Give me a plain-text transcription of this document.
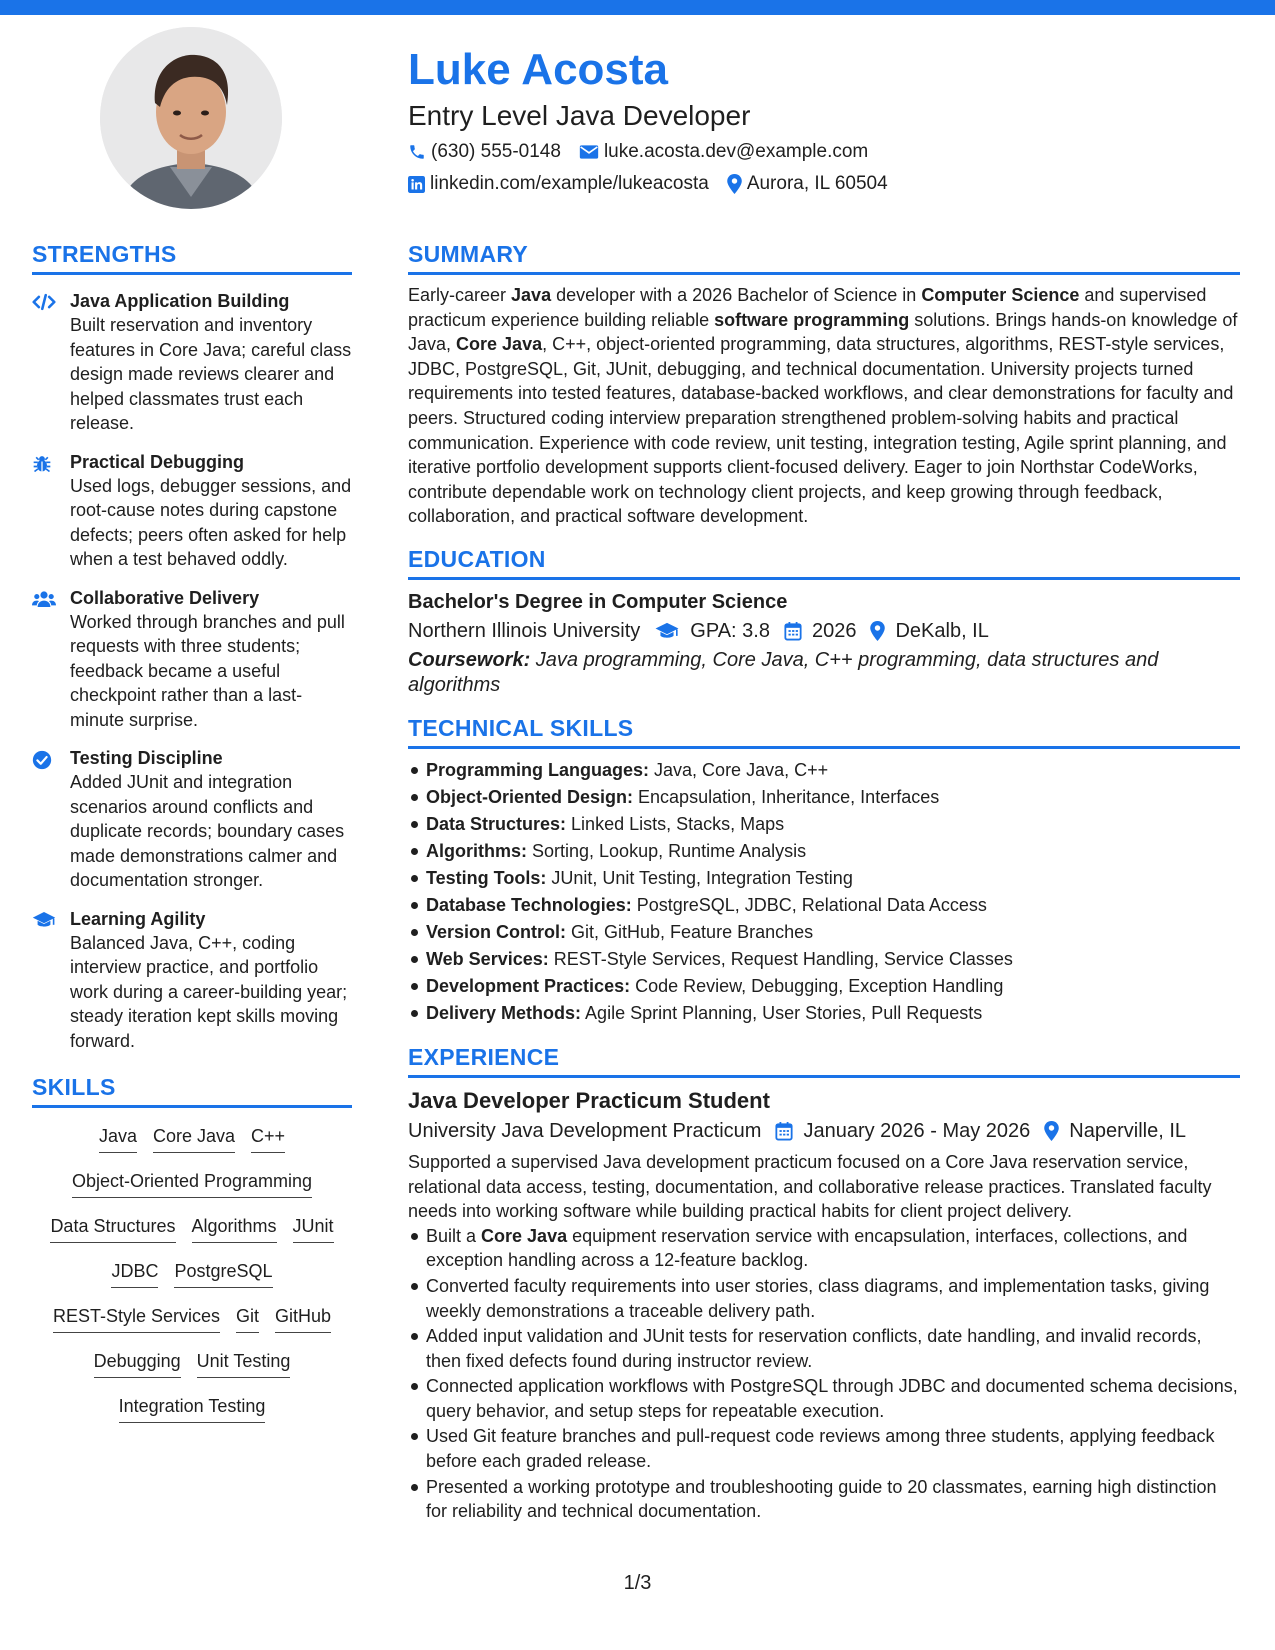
Luke Acosta
Entry Level Java Developer
(630) 555-0148 luke.acosta.dev@example.com
linkedin.com/example/lukeacosta Aurora, IL 60504
STRENGTHS
Java Application Building
Built reservation and inventory features in Core Java; careful class design made reviews clearer and helped classmates trust each release.
Practical Debugging
Used logs, debugger sessions, and root-cause notes during capstone defects; peers often asked for help when a test behaved oddly.
Collaborative Delivery
Worked through branches and pull requests with three students; feedback became a useful checkpoint rather than a last-minute surprise.
Testing Discipline
Added JUnit and integration scenarios around conflicts and duplicate records; boundary cases made demonstrations calmer and documentation stronger.
Learning Agility
Balanced Java, C++, coding interview practice, and portfolio work during a career-building year; steady iteration kept skills moving forward.
SKILLS
Java Core Java C++
Object-Oriented Programming
Data Structures Algorithms JUnit
JDBC PostgreSQL
REST-Style Services Git GitHub
Debugging Unit Testing
Integration Testing
SUMMARY
Early-career Java developer with a 2026 Bachelor of Science in Computer Science and supervised practicum experience building reliable software programming solutions. Brings hands-on knowledge of Java, Core Java, C++, object-oriented programming, data structures, algorithms, REST-style services, JDBC, PostgreSQL, Git, JUnit, debugging, and technical documentation. University projects turned requirements into tested features, database-backed workflows, and clear demonstrations for faculty and peers. Structured coding interview preparation strengthened problem-solving habits and practical communication. Experience with code review, unit testing, integration testing, Agile sprint planning, and iterative portfolio development supports client-focused delivery. Eager to join Northstar CodeWorks, contribute dependable work on technology client projects, and keep growing through feedback, collaboration, and practical software development.
EDUCATION
Bachelor's Degree in Computer Science
Northern Illinois University	GPA: 3.8 2026 DeKalb, IL
Coursework: Java programming, Core Java, C++ programming, data structures and algorithms
TECHNICAL SKILLS
Programming Languages: Java, Core Java, C++
Object-Oriented Design: Encapsulation, Inheritance, Interfaces
Data Structures: Linked Lists, Stacks, Maps
Algorithms: Sorting, Lookup, Runtime Analysis
Testing Tools: JUnit, Unit Testing, Integration Testing
Database Technologies: PostgreSQL, JDBC, Relational Data Access
Version Control: Git, GitHub, Feature Branches
Web Services: REST-Style Services, Request Handling, Service Classes
Development Practices: Code Review, Debugging, Exception Handling
Delivery Methods: Agile Sprint Planning, User Stories, Pull Requests
EXPERIENCE
Java Developer Practicum Student
University Java Development Practicum January 2026 - May 2026 Naperville, IL
Supported a supervised Java development practicum focused on a Core Java reservation service, relational data access, testing, documentation, and collaborative release practices. Translated faculty needs into working software while building practical habits for client project delivery.
Built a Core Java equipment reservation service with encapsulation, interfaces, collections, and exception handling across a 12-feature backlog.
Converted faculty requirements into user stories, class diagrams, and implementation tasks, giving weekly demonstrations a traceable delivery path.
Added input validation and JUnit tests for reservation conflicts, date handling, and invalid records, then fixed defects found during instructor review.
Connected application workflows with PostgreSQL through JDBC and documented schema decisions, query behavior, and setup steps for repeatable execution.
Used Git feature branches and pull-request code reviews among three students, applying feedback before each graded release.
Presented a working prototype and troubleshooting guide to 20 classmates, earning high distinction for reliability and technical documentation.
1/3
